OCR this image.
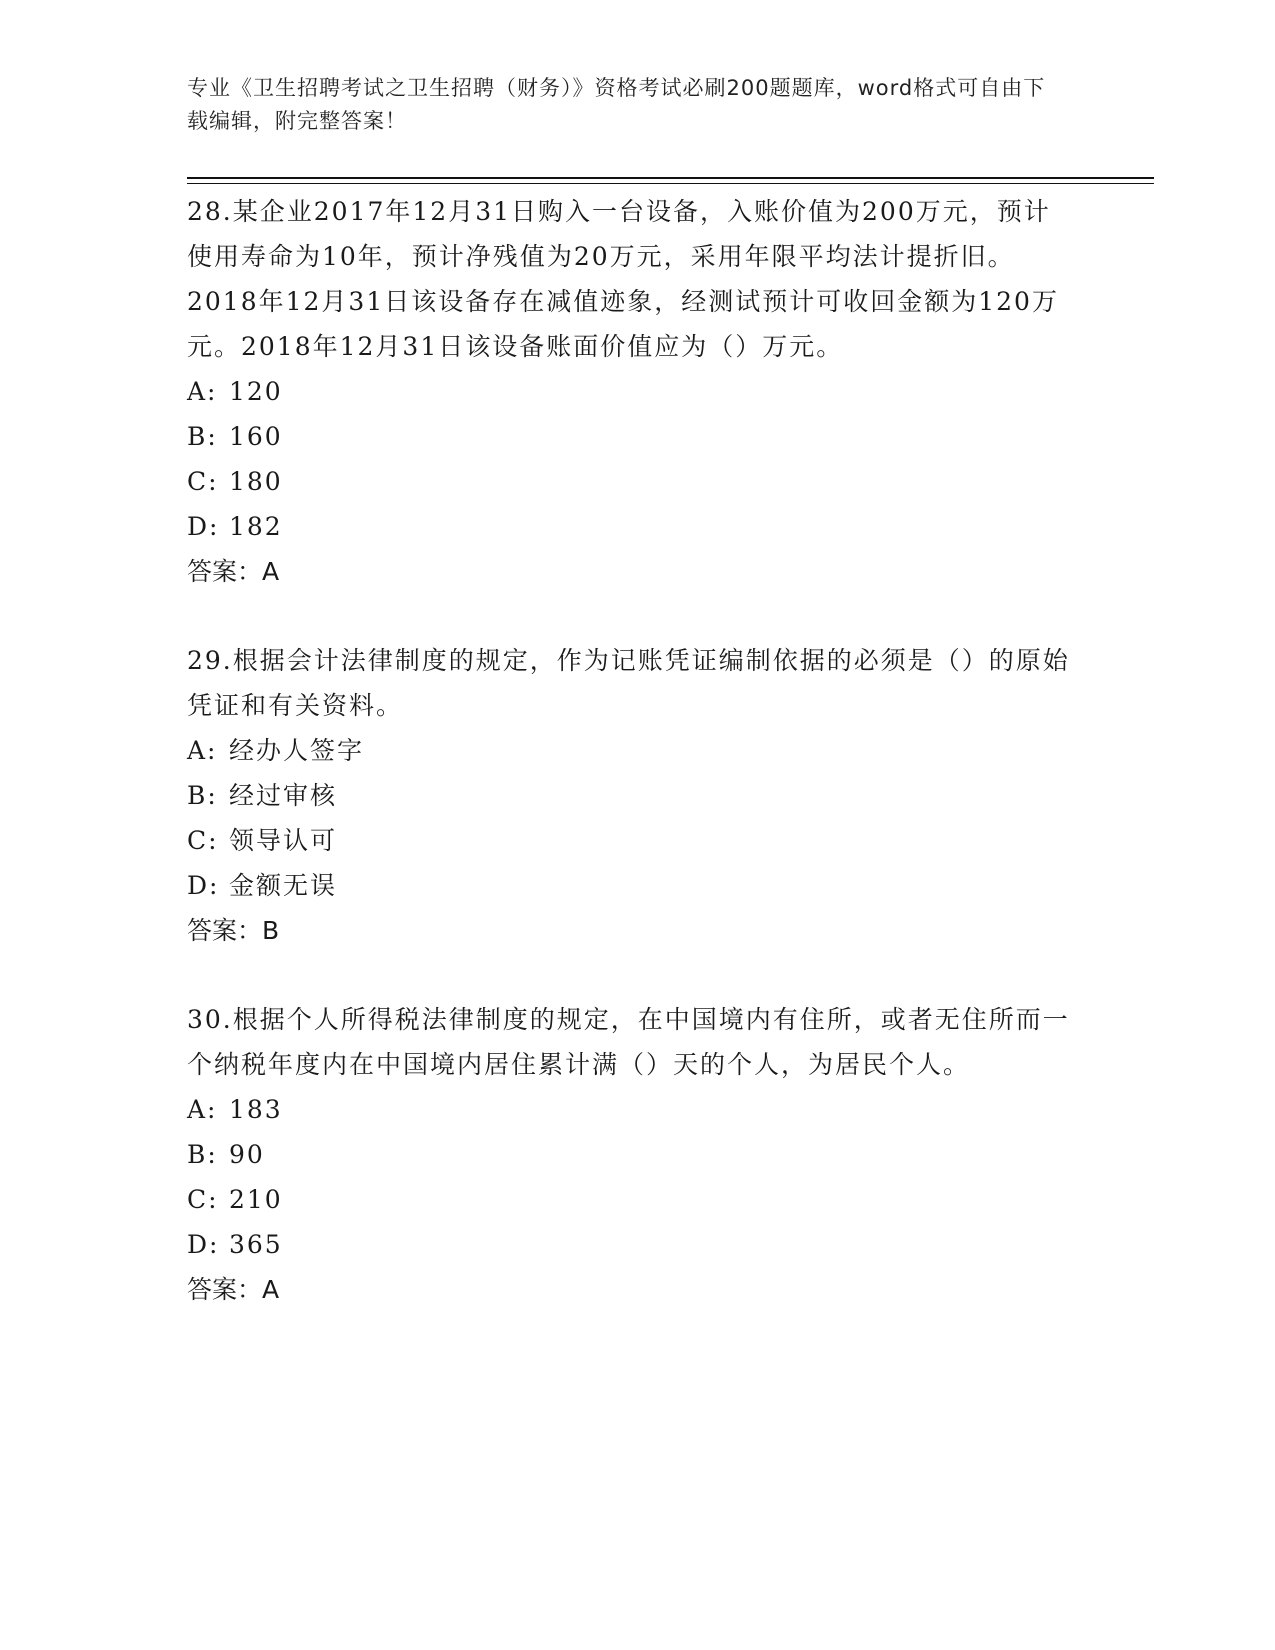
专业《卫生招聘考试之卫生招聘（财务）》资格考试必刷200题题库，word格式可自由下载编辑，附完整答案！

28.某企业2017年12月31日购入一台设备，入账价值为200万元，预计使用寿命为10年，预计净残值为20万元，采用年限平均法计提折旧。2018年12月31日该设备存在减值迹象，经测试预计可收回金额为120万元。2018年12月31日该设备账面价值应为（）万元。

A: 120

B: 160

C: 180

D: 182

答案：A

29.根据会计法律制度的规定，作为记账凭证编制依据的必须是（）的原始凭证和有关资料。

A: 经办人签字

B: 经过审核

C: 领导认可

D: 金额无误

答案：B

30.根据个人所得税法律制度的规定，在中国境内有住所，或者无住所而一个纳税年度内在中国境内居住累计满（）天的个人，为居民个人。

A: 183

B: 90

C: 210

D: 365

答案：A
